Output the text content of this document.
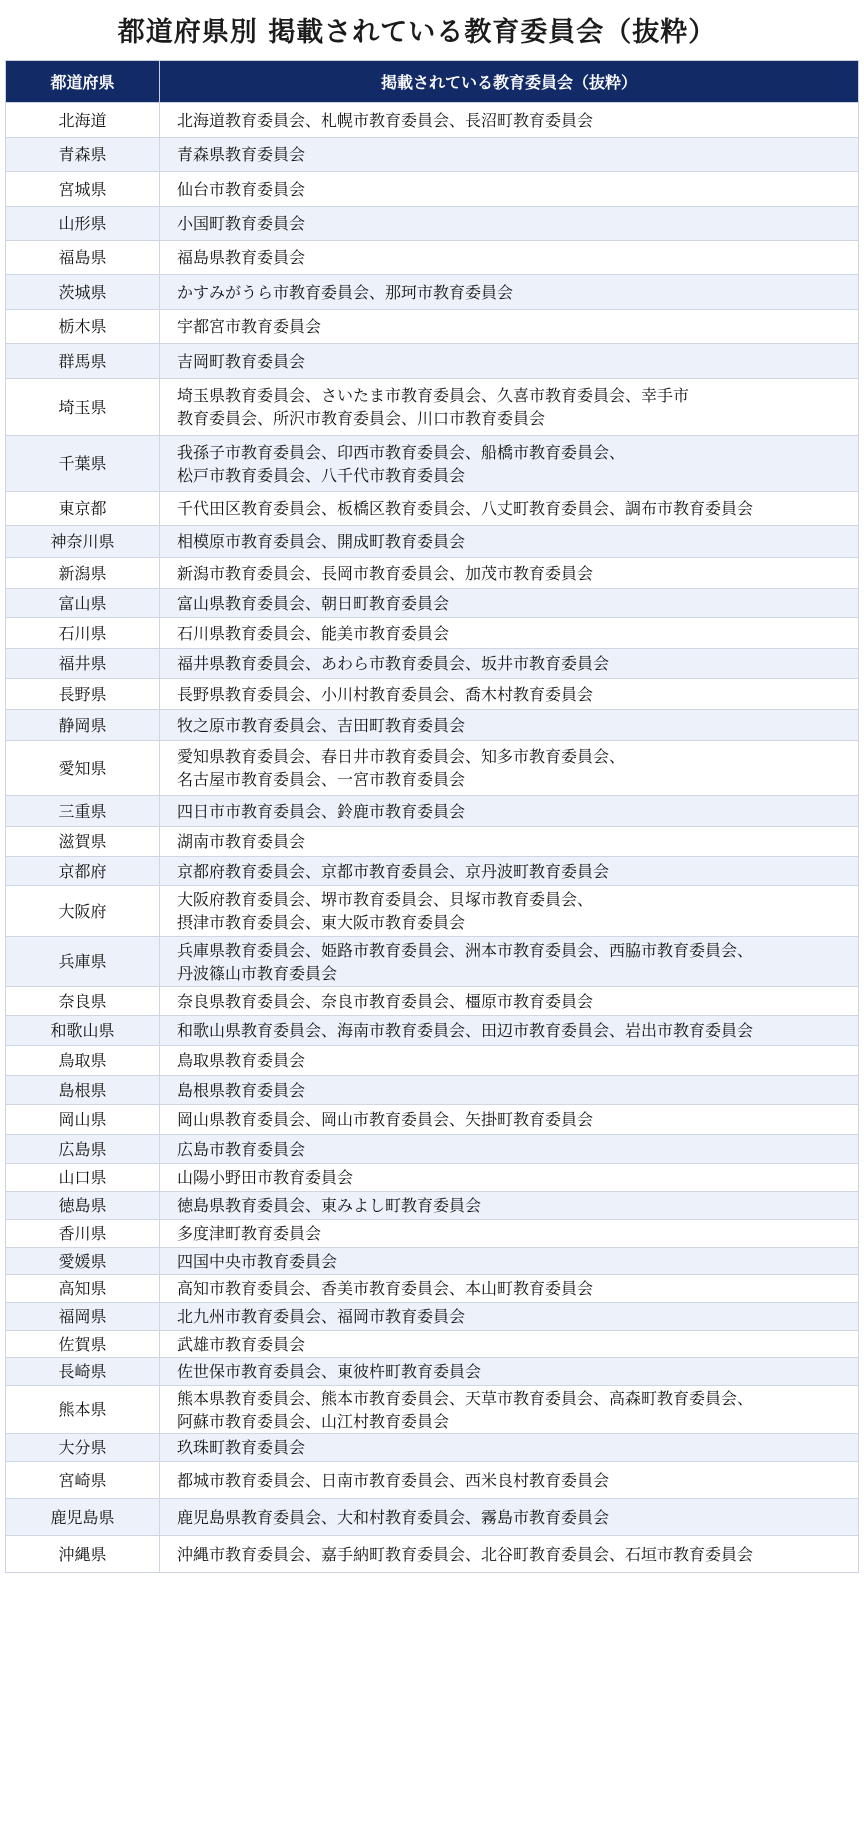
都道府県別 掲載されている教育委員会（抜粋）
都道府県	掲載されている教育委員会（抜粋）
北海道	北海道教育委員会、札幌市教育委員会、長沼町教育委員会

青森県	青森県教育委員会

宮城県	仙台市教育委員会

山形県	小国町教育委員会

福島県	福島県教育委員会

茨城県	かすみがうら市教育委員会、那珂市教育委員会

栃木県	宇都宮市教育委員会

群馬県	吉岡町教育委員会

埼玉県	埼玉県教育委員会、さいたま市教育委員会、久喜市教育委員会、幸手市
教育委員会、所沢市教育委員会、川口市教育委員会

千葉県	我孫子市教育委員会、印西市教育委員会、船橋市教育委員会、
松戸市教育委員会、八千代市教育委員会

東京都	千代田区教育委員会、板橋区教育委員会、八丈町教育委員会、調布市教育委員会

神奈川県	相模原市教育委員会、開成町教育委員会

新潟県	新潟市教育委員会、長岡市教育委員会、加茂市教育委員会

富山県	富山県教育委員会、朝日町教育委員会

石川県	石川県教育委員会、能美市教育委員会

福井県	福井県教育委員会、あわら市教育委員会、坂井市教育委員会

長野県	長野県教育委員会、小川村教育委員会、喬木村教育委員会

静岡県	牧之原市教育委員会、吉田町教育委員会

愛知県	愛知県教育委員会、春日井市教育委員会、知多市教育委員会、
名古屋市教育委員会、一宮市教育委員会

三重県	四日市市教育委員会、鈴鹿市教育委員会

滋賀県	湖南市教育委員会

京都府	京都府教育委員会、京都市教育委員会、京丹波町教育委員会

大阪府	大阪府教育委員会、堺市教育委員会、貝塚市教育委員会、
摂津市教育委員会、東大阪市教育委員会

兵庫県	兵庫県教育委員会、姫路市教育委員会、洲本市教育委員会、西脇市教育委員会、
丹波篠山市教育委員会

奈良県	奈良県教育委員会、奈良市教育委員会、橿原市教育委員会

和歌山県	和歌山県教育委員会、海南市教育委員会、田辺市教育委員会、岩出市教育委員会

鳥取県	鳥取県教育委員会

島根県	島根県教育委員会

岡山県	岡山県教育委員会、岡山市教育委員会、矢掛町教育委員会

広島県	広島市教育委員会

山口県	山陽小野田市教育委員会

徳島県	徳島県教育委員会、東みよし町教育委員会

香川県	多度津町教育委員会

愛媛県	四国中央市教育委員会

高知県	高知市教育委員会、香美市教育委員会、本山町教育委員会

福岡県	北九州市教育委員会、福岡市教育委員会

佐賀県	武雄市教育委員会

長崎県	佐世保市教育委員会、東彼杵町教育委員会

熊本県	熊本県教育委員会、熊本市教育委員会、天草市教育委員会、高森町教育委員会、
阿蘇市教育委員会、山江村教育委員会

大分県	玖珠町教育委員会

宮崎県	都城市教育委員会、日南市教育委員会、西米良村教育委員会

鹿児島県	鹿児島県教育委員会、大和村教育委員会、霧島市教育委員会

沖縄県	沖縄市教育委員会、嘉手納町教育委員会、北谷町教育委員会、石垣市教育委員会
